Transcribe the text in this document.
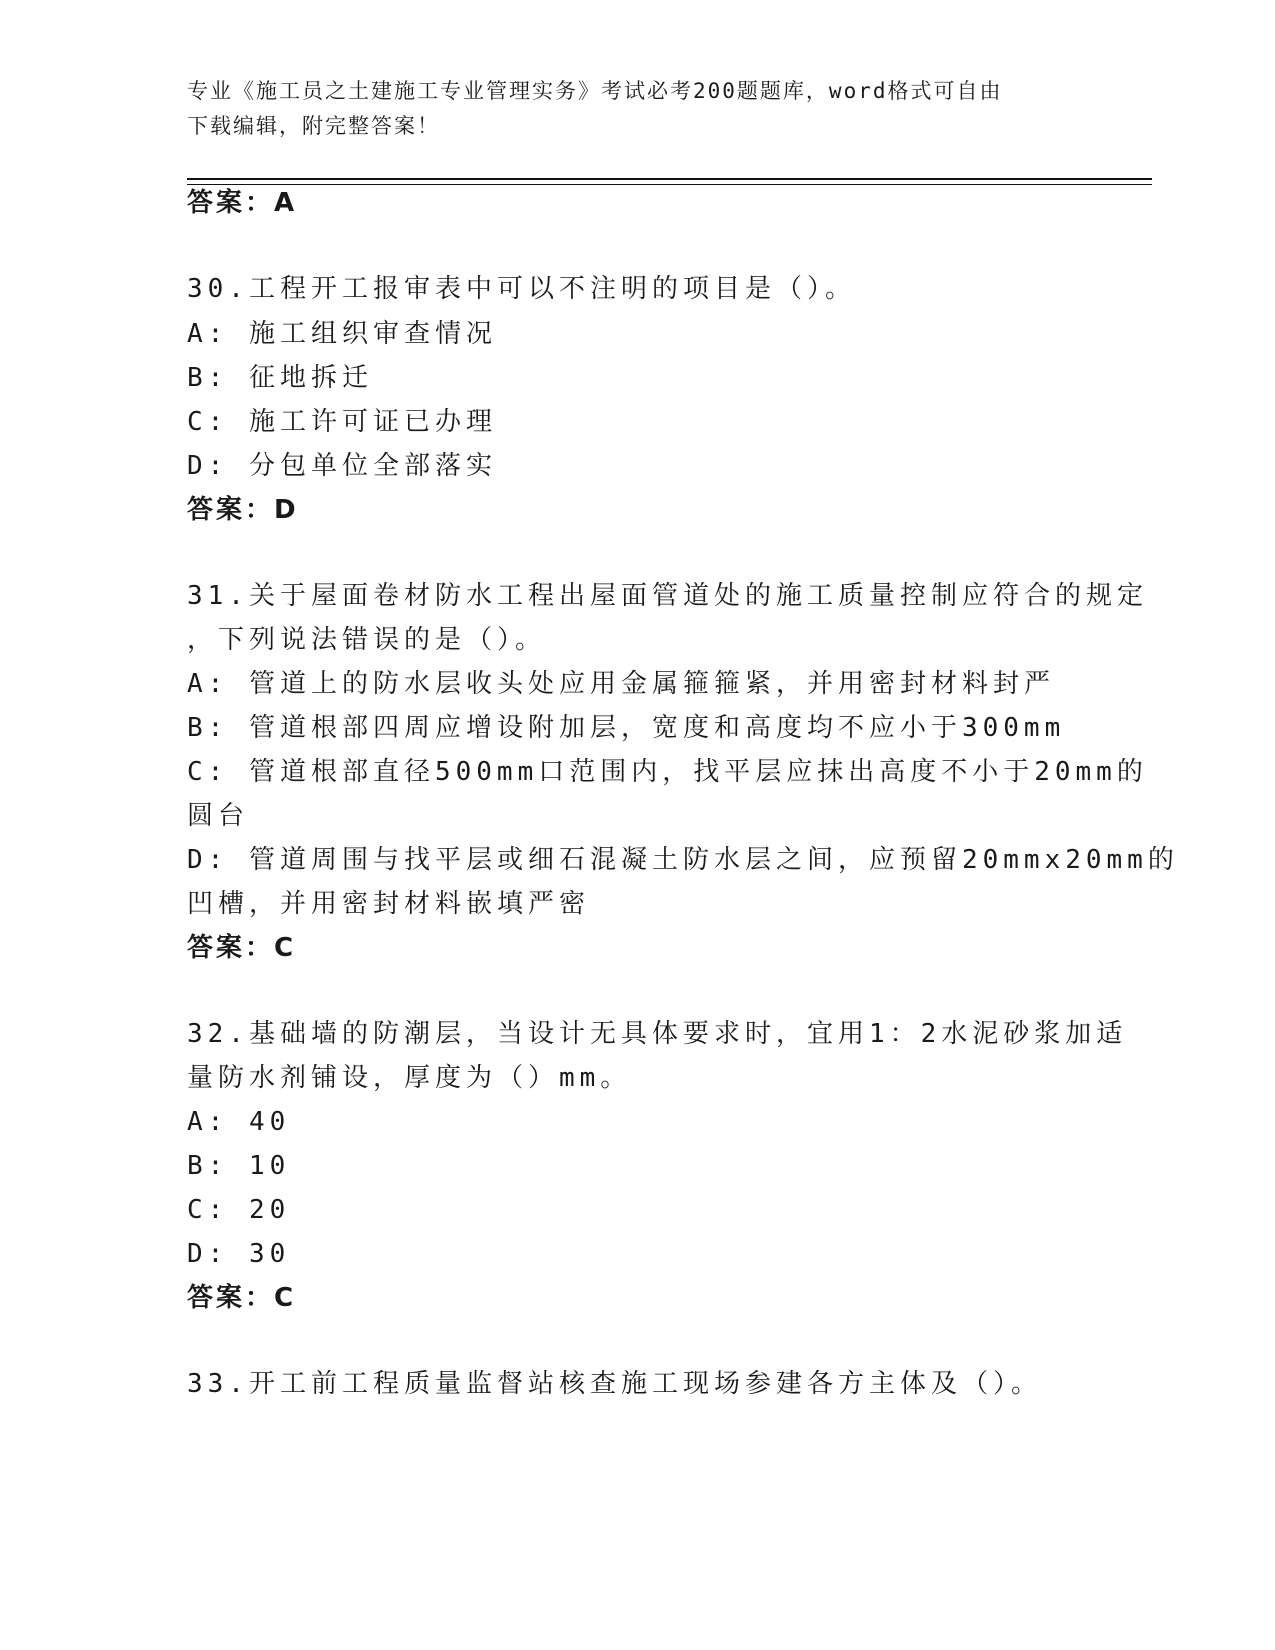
专业《施工员之土建施工专业管理实务》考试必考200题题库，word格式可自由
下载编辑，附完整答案！
答案：A
30.工程开工报审表中可以不注明的项目是（）。
A: 施工组织审查情况
B: 征地拆迁
C: 施工许可证已办理
D: 分包单位全部落实
答案：D
31.关于屋面卷材防水工程出屋面管道处的施工质量控制应符合的规定
，下列说法错误的是（）。
A: 管道上的防水层收头处应用金属箍箍紧，并用密封材料封严
B: 管道根部四周应增设附加层，宽度和高度均不应小于300mm
C: 管道根部直径500mm口范围内，找平层应抹出高度不小于20mm的
圆台
D: 管道周围与找平层或细石混凝土防水层之间，应预留20mmx20mm的
凹槽，并用密封材料嵌填严密
答案：C
32.基础墙的防潮层，当设计无具体要求时，宜用1：2水泥砂浆加适
量防水剂铺设，厚度为（）mm。
A: 40
B: 10
C: 20
D: 30
答案：C
33.开工前工程质量监督站核查施工现场参建各方主体及（）。
